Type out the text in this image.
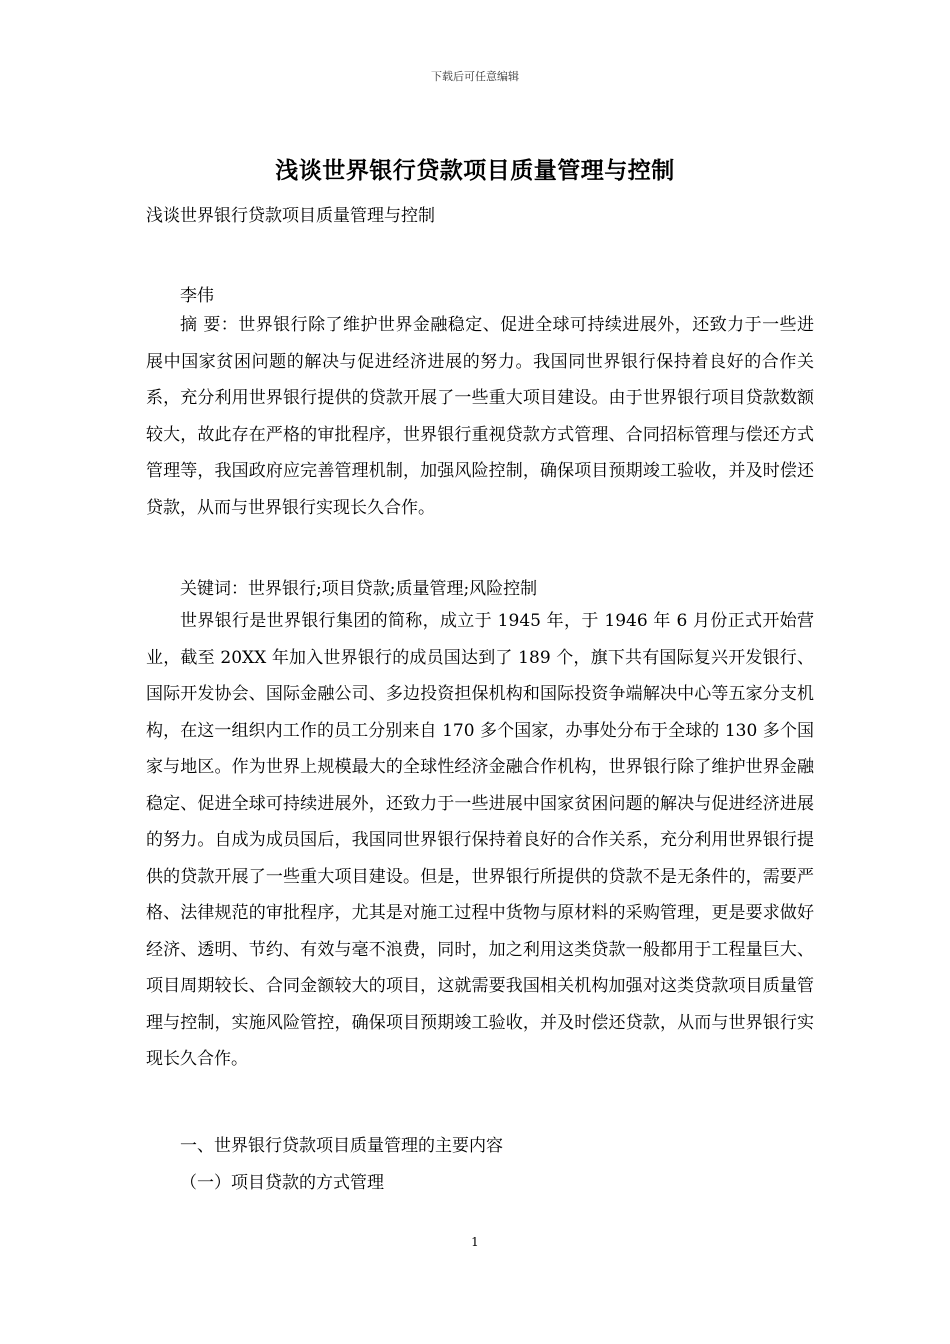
下载后可任意编辑
浅谈世界银行贷款项目质量管理与控制
浅谈世界银行贷款项目质量管理与控制

李伟

摘 要：世界银行除了维护世界金融稳定、促进全球可持续进展外，还致力于一些进展中国家贫困问题的解决与促进经济进展的努力。我国同世界银行保持着良好的合作关系，充分利用世界银行提供的贷款开展了一些重大项目建设。由于世界银行项目贷款数额较大，故此存在严格的审批程序，世界银行重视贷款方式管理、合同招标管理与偿还方式管理等，我国政府应完善管理机制，加强风险控制，确保项目预期竣工验收，并及时偿还贷款，从而与世界银行实现长久合作。

关键词：世界银行;项目贷款;质量管理;风险控制

世界银行是世界银行集团的简称，成立于 1945 年，于 1946 年 6 月份正式开始营业，截至 20XX 年加入世界银行的成员国达到了 189 个，旗下共有国际复兴开发银行、国际开发协会、国际金融公司、多边投资担保机构和国际投资争端解决中心等五家分支机构，在这一组织内工作的员工分别来自 170 多个国家，办事处分布于全球的 130 多个国家与地区。作为世界上规模最大的全球性经济金融合作机构，世界银行除了维护世界金融稳定、促进全球可持续进展外，还致力于一些进展中国家贫困问题的解决与促进经济进展的努力。自成为成员国后，我国同世界银行保持着良好的合作关系，充分利用世界银行提供的贷款开展了一些重大项目建设。但是，世界银行所提供的贷款不是无条件的，需要严格、法律规范的审批程序，尤其是对施工过程中货物与原材料的采购管理，更是要求做好经济、透明、节约、有效与毫不浪费，同时，加之利用这类贷款一般都用于工程量巨大、项目周期较长、合同金额较大的项目，这就需要我国相关机构加强对这类贷款项目质量管理与控制，实施风险管控，确保项目预期竣工验收，并及时偿还贷款，从而与世界银行实现长久合作。

一、世界银行贷款项目质量管理的主要内容

（一）项目贷款的方式管理

1
